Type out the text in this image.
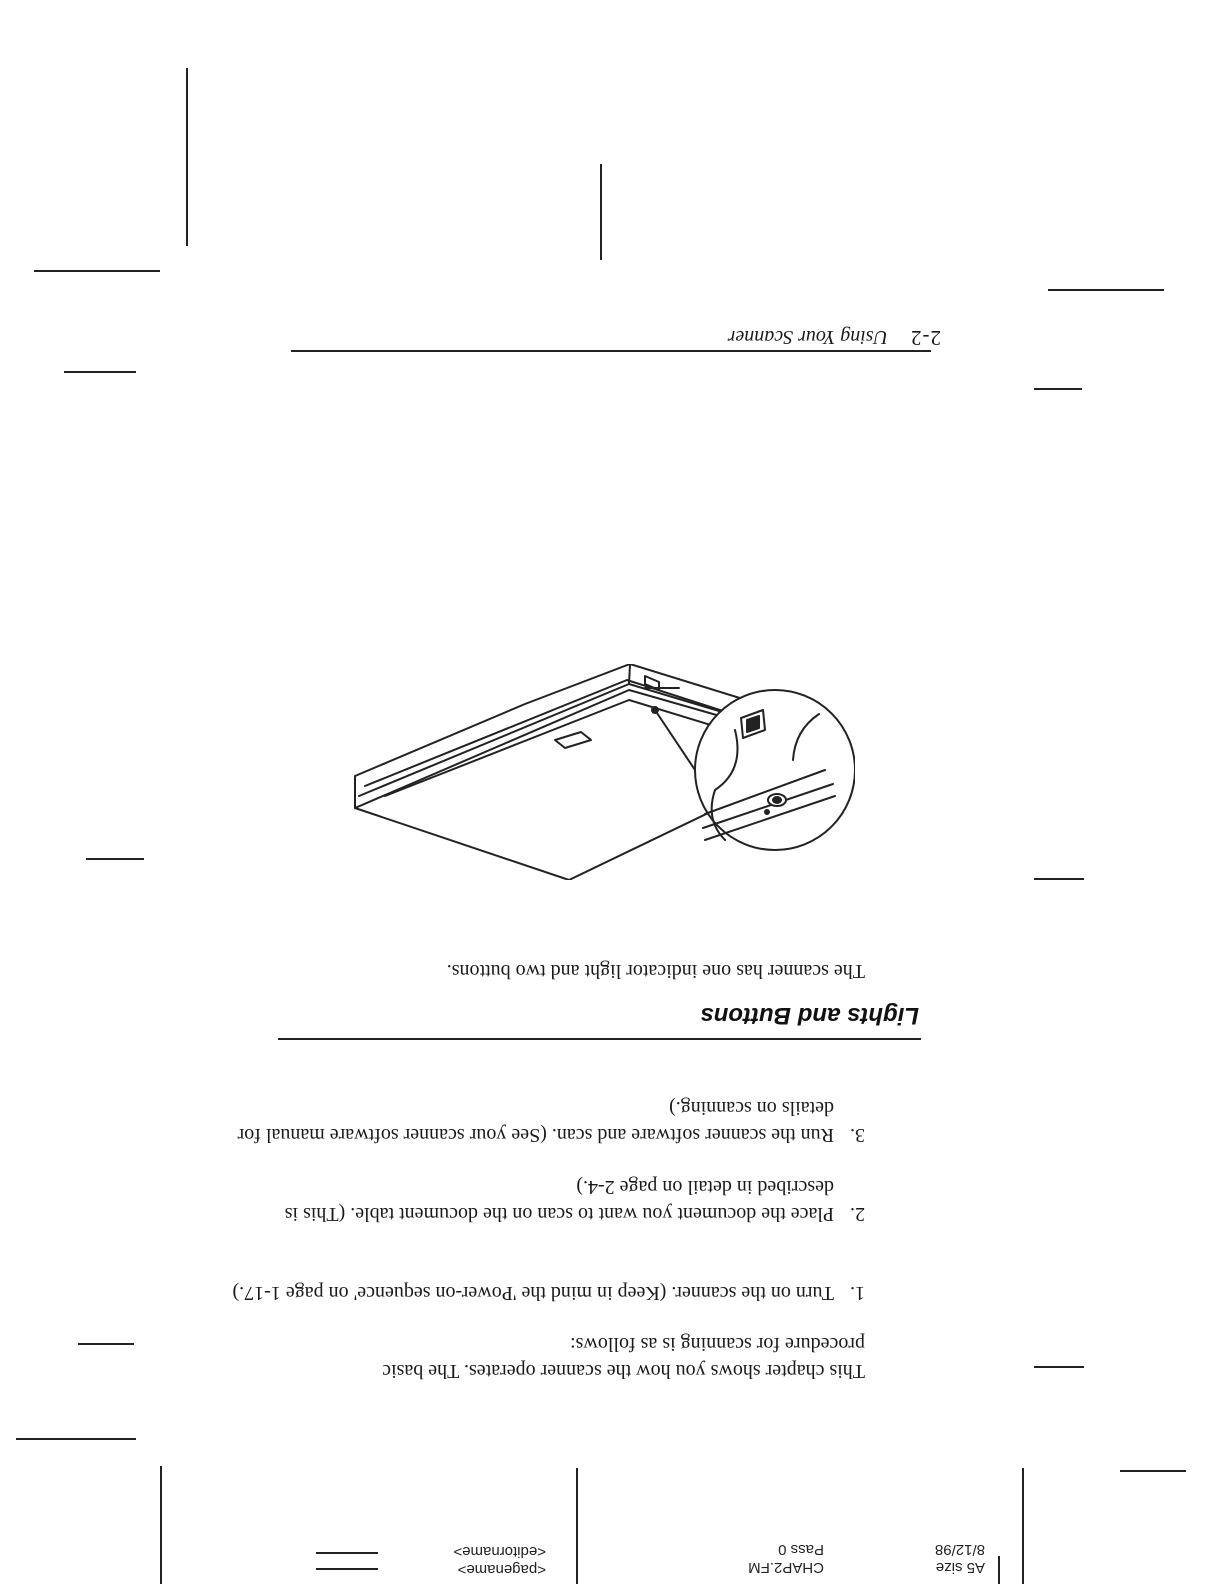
A5 size
8/12/98
CHAP2.FM
Pass 0
<pagename>
<editorname>
This chapter shows you how the scanner operates. The basic procedure for scanning is as follows:
1.
Turn on the scanner. (Keep in mind the 'Power-on sequence' on page 1-17.)
2.
Place the document you want to scan on the document table. (This is described in detail on page 2-4.)
3.
Run the scanner software and scan. (See your scanner software manual for details on scanning.)
Lights and Buttons
The scanner has one indicator light and two buttons.
2-2Using Your Scanner
